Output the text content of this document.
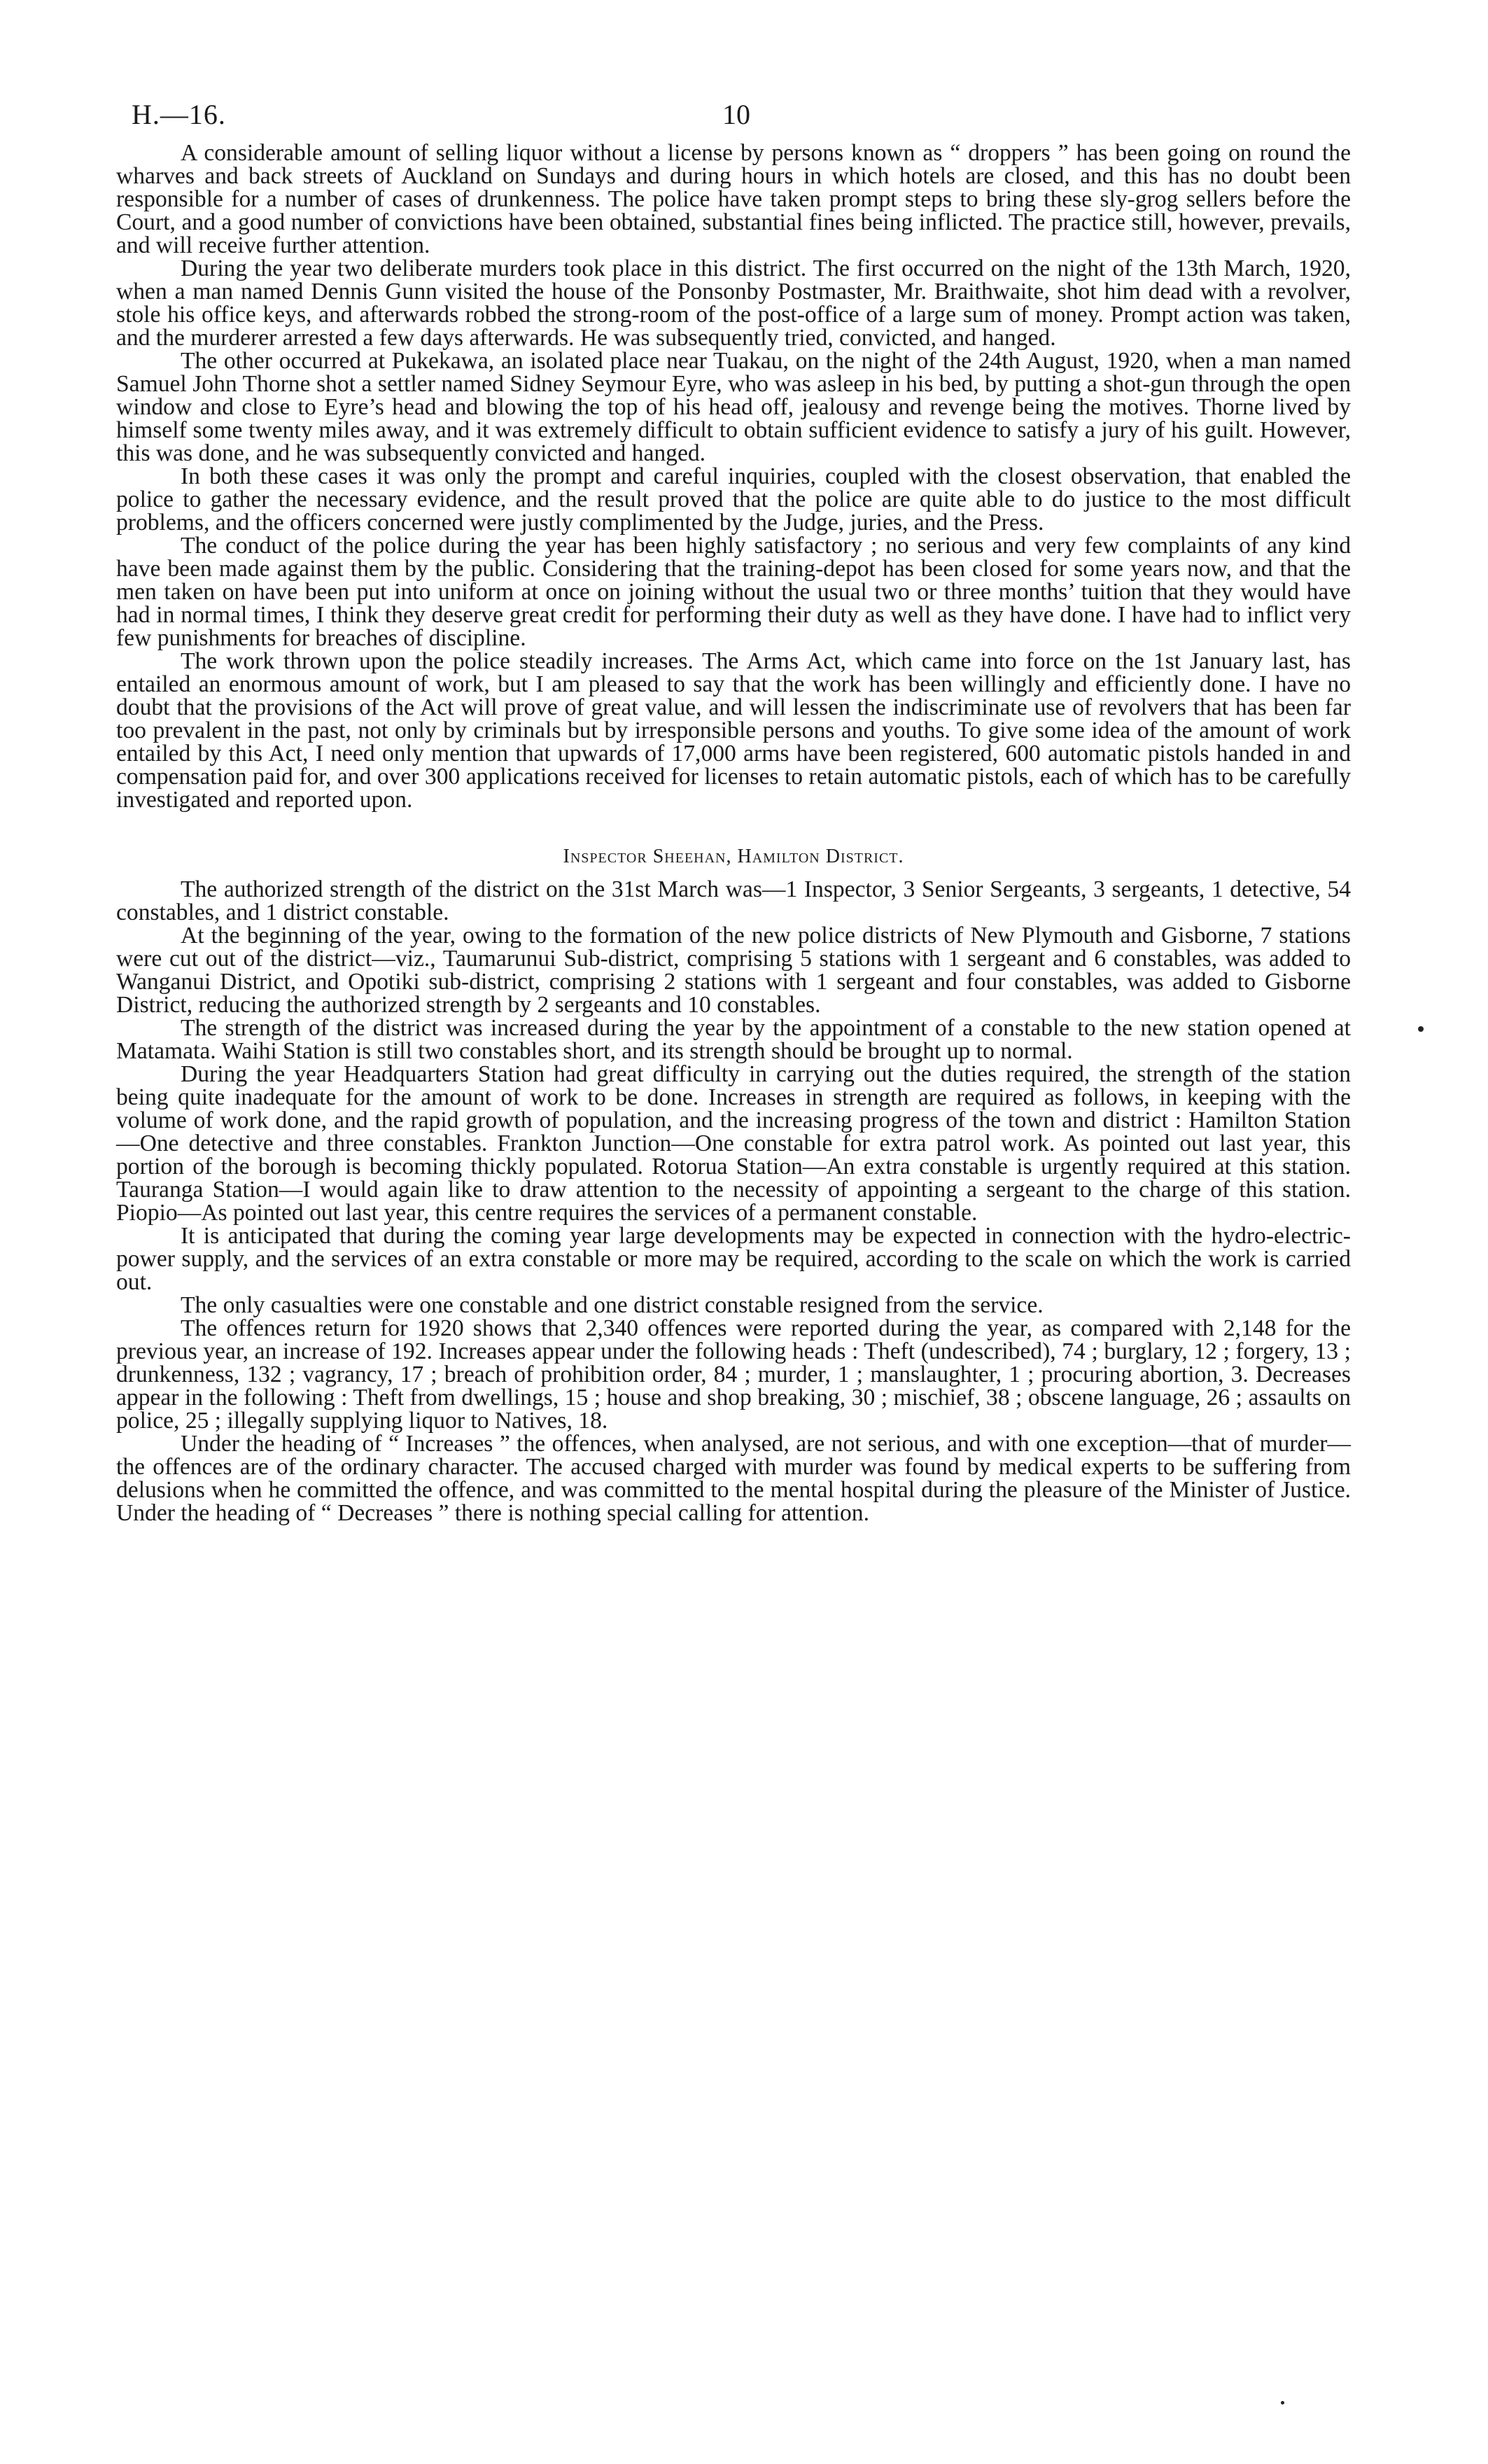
H.—16.	10

A considerable amount of selling liquor without a license by persons known as “ droppers ” has been going on round the wharves and back streets of Auckland on Sundays and during hours in which hotels are closed, and this has no doubt been responsible for a number of cases of drunkenness. The police have taken prompt steps to bring these sly-grog sellers before the Court, and a good number of convictions have been obtained, substantial fines being inflicted. The practice still, however, prevails, and will receive further attention.

During the year two deliberate murders took place in this district. The first occurred on the night of the 13th March, 1920, when a man named Dennis Gunn visited the house of the Ponsonby Postmaster, Mr. Braithwaite, shot him dead with a revolver, stole his office keys, and afterwards robbed the strong-room of the post-office of a large sum of money. Prompt action was taken, and the murderer arrested a few days afterwards. He was subsequently tried, convicted, and hanged.

The other occurred at Pukekawa, an isolated place near Tuakau, on the night of the 24th August, 1920, when a man named Samuel John Thorne shot a settler named Sidney Seymour Eyre, who was asleep in his bed, by putting a shot-gun through the open window and close to Eyre’s head and blowing the top of his head off, jealousy and revenge being the motives. Thorne lived by himself some twenty miles away, and it was extremely difficult to obtain sufficient evidence to satisfy a jury of his guilt. However, this was done, and he was subsequently convicted and hanged.

In both these cases it was only the prompt and careful inquiries, coupled with the closest observation, that enabled the police to gather the necessary evidence, and the result proved that the police are quite able to do justice to the most difficult problems, and the officers concerned were justly complimented by the Judge, juries, and the Press.

The conduct of the police during the year has been highly satisfactory ; no serious and very few complaints of any kind have been made against them by the public. Considering that the training-depot has been closed for some years now, and that the men taken on have been put into uniform at once on joining without the usual two or three months’ tuition that they would have had in normal times, I think they deserve great credit for performing their duty as well as they have done. I have had to inflict very few punishments for breaches of discipline.

The work thrown upon the police steadily increases. The Arms Act, which came into force on the 1st January last, has entailed an enormous amount of work, but I am pleased to say that the work has been willingly and efficiently done. I have no doubt that the provisions of the Act will prove of great value, and will lessen the indiscriminate use of revolvers that has been far too prevalent in the past, not only by criminals but by irresponsible persons and youths. To give some idea of the amount of work entailed by this Act, I need only mention that upwards of 17,000 arms have been registered, 600 automatic pistols handed in and compensation paid for, and over 300 applications received for licenses to retain automatic pistols, each of which has to be carefully investigated and reported upon.

Inspector Sheehan, Hamilton District.

The authorized strength of the district on the 31st March was—1 Inspector, 3 Senior Sergeants, 3 sergeants, 1 detective, 54 constables, and 1 district constable.

At the beginning of the year, owing to the formation of the new police districts of New Plymouth and Gisborne, 7 stations were cut out of the district—viz., Taumarunui Sub-district, comprising 5 stations with 1 sergeant and 6 constables, was added to Wanganui District, and Opotiki sub-district, comprising 2 stations with 1 sergeant and four constables, was added to Gisborne District, reducing the authorized strength by 2 sergeants and 10 constables.

The strength of the district was increased during the year by the appointment of a constable to the new station opened at Matamata. Waihi Station is still two constables short, and its strength should be brought up to normal.

During the year Headquarters Station had great difficulty in carrying out the duties required, the strength of the station being quite inadequate for the amount of work to be done. Increases in strength are required as follows, in keeping with the volume of work done, and the rapid growth of population, and the increasing progress of the town and district : Hamilton Station—One detective and three constables. Frankton Junction—One constable for extra patrol work. As pointed out last year, this portion of the borough is becoming thickly populated. Rotorua Station—An extra constable is urgently required at this station. Tauranga Station—I would again like to draw attention to the necessity of appointing a sergeant to the charge of this station. Piopio—As pointed out last year, this centre requires the services of a permanent constable.

It is anticipated that during the coming year large developments may be expected in connection with the hydro-electric-power supply, and the services of an extra constable or more may be required, according to the scale on which the work is carried out.

The only casualties were one constable and one district constable resigned from the service.

The offences return for 1920 shows that 2,340 offences were reported during the year, as compared with 2,148 for the previous year, an increase of 192. Increases appear under the following heads : Theft (undescribed), 74 ; burglary, 12 ; forgery, 13 ; drunkenness, 132 ; vagrancy, 17 ; breach of prohibition order, 84 ; murder, 1 ; manslaughter, 1 ; procuring abortion, 3. Decreases appear in the following : Theft from dwellings, 15 ; house and shop breaking, 30 ; mischief, 38 ; obscene language, 26 ; assaults on police, 25 ; illegally supplying liquor to Natives, 18.

Under the heading of “ Increases ” the offences, when analysed, are not serious, and with one exception—that of murder—the offences are of the ordinary character. The accused charged with murder was found by medical experts to be suffering from delusions when he committed the offence, and was committed to the mental hospital during the pleasure of the Minister of Justice. Under the heading of “ Decreases ” there is nothing special calling for attention.
